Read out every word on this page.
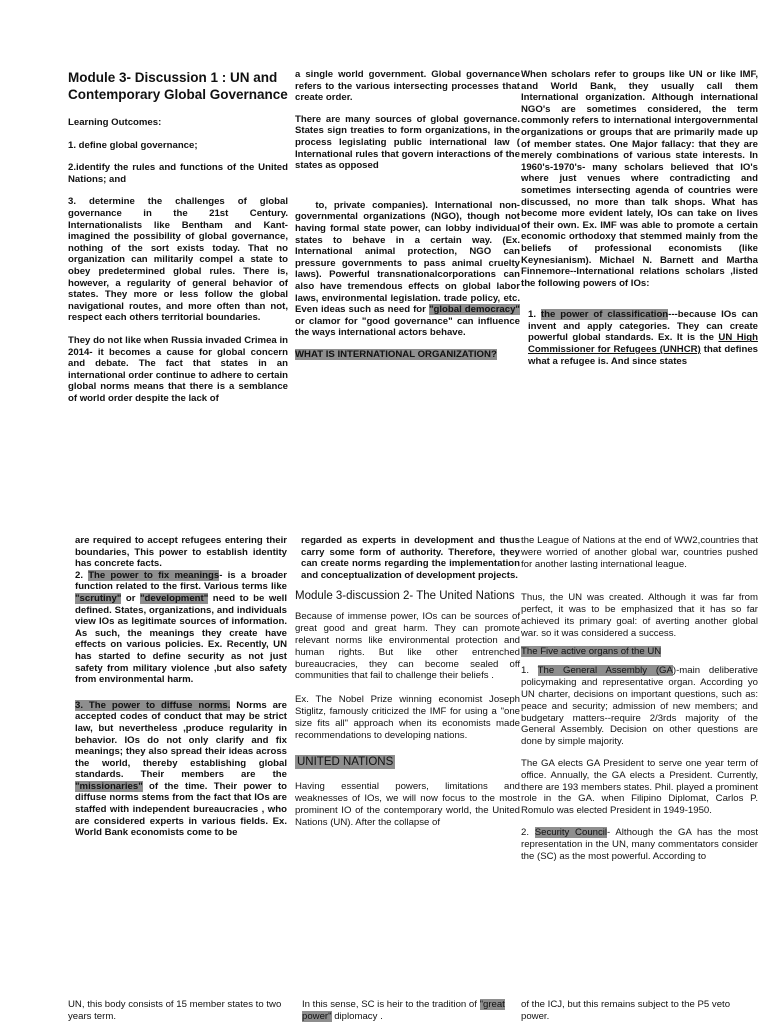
Module 3- Discussion 1 : UN and Contemporary Global Governance

Learning Outcomes:

1. define global governance;

2.identify the rules and functions of the United Nations; and

3. determine the challenges of global governance in the 21st Century. Internationalists like Bentham and Kant-imagined the possibility of global governance, nothing of the sort exists today. That no organization can militarily compel a state to obey predetermined global rules. There is, however, a regularity of general behavior of states. They more or less follow the global navigational routes, and more often than not, respect each others territorial boundaries.

They do not like when Russia invaded Crimea in 2014- it becomes a cause for global concern and debate. The fact that states in an international order continue to adhere to certain global norms means that there is a semblance of world order despite the lack of

a single world government. Global governance refers to the various intersecting processes that create order.

There are many sources of global governance. States sign treaties to form organizations, in the process legislating public international law ( International rules that govern interactions of the states as opposed

to, private companies). International non-governmental organizations (NGO), though not having formal state power, can lobby individual states to behave in a certain way. (Ex. International animal protection, NGO can pressure governments to pass animal cruelty laws). Powerful transnationalcorporations can also have tremendous effects on global labor laws, environmental legislation. trade policy, etc. Even ideas such as need for "global democracy" or clamor for "good governance" can influence the ways international actors behave.

WHAT IS INTERNATIONAL ORGANIZATION?

When scholars refer to groups like UN or like IMF, and World Bank, they usually call them International organization. Although international NGO's are sometimes considered, the term commonly refers to international intergovernmental organizations or groups that are primarily made up of member states. One Major fallacy: that they are merely combinations of various state interests. In 1960's-1970's- many scholars believed that IO's where just venues where contradicting and sometimes intersecting agenda of countries were discussed, no more than talk shops. What has become more evident lately, IOs can take on lives of their own. Ex. IMF was able to promote a certain economic orthodoxy that stemmed mainly from the beliefs of professional economists (like Keynesianism). Michael N. Barnett and Martha Finnemore--International relations scholars ,listed the following powers of IOs:

1. the power of classification---because IOs can invent and apply categories. They can create powerful global standards. Ex. It is the UN High Commissioner for Refugees (UNHCR) that defines what a refugee is. And since states

are required to accept refugees entering their boundaries, This power to establish identity has concrete facts.

2. The power to fix meanings- is a broader function related to the first. Various terms like "scrutiny" or "development" need to be well defined. States, organizations, and individuals view IOs as legitimate sources of information. As such, the meanings they create have effects on various policies. Ex. Recently, UN has started to define security as not just safety from military violence ,but also safety from environmental harm.

3. The power to diffuse norms. Norms are accepted codes of conduct that may be strict law, but nevertheless ,produce regularity in behavior. IOs do not only clarify and fix meanings; they also spread their ideas across the world, thereby establishing global standards. Their members are the "missionaries" of the time. Their power to diffuse norms stems from the fact that IOs are staffed with independent bureaucracies , who are considered experts in various fields. Ex. World Bank economists come to be

regarded as experts in development and thus carry some form of authority. Therefore, they can create norms regarding the implementation and conceptualization of development projects.

Module 3-discussion 2- The United Nations

Because of immense power, IOs can be sources of great good and great harm. They can promote relevant norms like environmental protection and human rights. But like other entrenched bureaucracies, they can become sealed off communities that fail to challenge their beliefs .

Ex. The Nobel Prize winning economist Joseph Stiglitz, famously criticized the IMF for using a "one size fits all" approach when its economists made recommendations to developing nations.

UNITED NATIONS

Having essential powers, limitations and weaknesses of IOs, we will now focus to the most prominent IO of the contemporary world, the United Nations (UN). After the collapse of

the League of Nations at the end of WW2,countries that were worried of another global war, countries pushed for another lasting international league.

Thus, the UN was created. Although it was far from perfect, it was to be emphasized that it has so far achieved its primary goal: of averting another global war. so it was considered a success.

The Five active organs of the UN

1. The General Assembly (GA)-main deliberative policymaking and representative organ. According yo UN charter, decisions on important questions, such as: peace and security; admission of new members; and budgetary matters--require 2/3rds majority of the General Assembly. Decision on other questions are done by simple majority.

The GA elects GA President to serve one year term of office. Annually, the GA elects a President. Currently, there are 193 members states. Phil. played a prominent role in the GA. when Filipino Diplomat, Carlos P. Romulo was elected President in 1949-1950.

2. Security Council- Although the GA has the most representation in the UN, many commentators consider the (SC) as the most powerful. According to

UN, this body consists of 15 member states to two years term.

In this sense, SC is heir to the tradition of "great power" diplomacy .

of the ICJ, but this remains subject to the P5 veto power.
